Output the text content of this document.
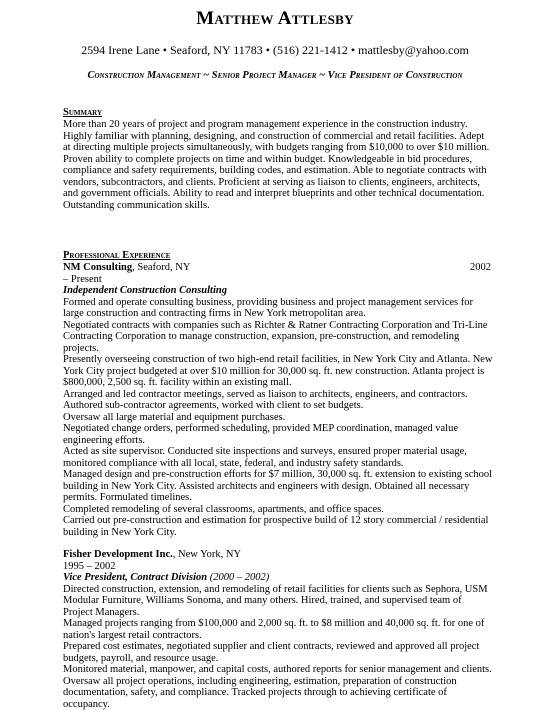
Matthew Attlesby
2594 Irene Lane • Seaford, NY 11783 • (516) 221-1412 • mattlesby@yahoo.com
Construction Management ~ Senior Project Manager ~ Vice President of Construction
Summary
More than 20 years of project and program management experience in the construction industry. Highly familiar with planning, designing, and construction of commercial and retail facilities. Adept at directing multiple projects simultaneously, with budgets ranging from $10,000 to over $10 million. Proven ability to complete projects on time and within budget. Knowledgeable in bid procedures, compliance and safety requirements, building codes, and estimation. Able to negotiate contracts with vendors, subcontractors, and clients. Proficient at serving as liaison to clients, engineers, architects, and government officials. Ability to read and interpret blueprints and other technical documentation. Outstanding communication skills.
Professional Experience
NM Consulting, Seaford, NY	2002
– Present
Independent Construction Consulting

Formed and operate consulting business, providing business and project management services for large construction and contracting firms in New York metropolitan area.

Negotiated contracts with companies such as Richter & Ratner Contracting Corporation and Tri-Line Contracting Corporation to manage construction, expansion, pre-construction, and remodeling projects.

Presently overseeing construction of two high-end retail facilities, in New York City and Atlanta. New York City project budgeted at over $10 million for 30,000 sq. ft. new construction. Atlanta project is $800,000, 2,500 sq. ft. facility within an existing mall.

Arranged and led contractor meetings, served as liaison to architects, engineers, and contractors.

Authored sub-contractor agreements, worked with client to set budgets.

Oversaw all large material and equipment purchases.

Negotiated change orders, performed scheduling, provided MEP coordination, managed value engineering efforts.

Acted as site supervisor. Conducted site inspections and surveys, ensured proper material usage, monitored compliance with all local, state, federal, and industry safety standards.

Managed design and pre-construction efforts for $7 million, 30,000 sq. ft. extension to existing school building in New York City. Assisted architects and engineers with design. Obtained all necessary permits. Formulated timelines.

Completed remodeling of several classrooms, apartments, and office spaces.

Carried out pre-construction and estimation for prospective build of 12 story commercial / residential building in New York City.

Fisher Development Inc., New York, NY
1995 – 2002
Vice President, Contract Division (2000 – 2002)

Directed construction, extension, and remodeling of retail facilities for clients such as Sephora, USM Modular Furniture, Williams Sonoma, and many others. Hired, trained, and supervised team of Project Managers.

Managed projects ranging from $100,000 and 2,000 sq. ft. to $8 million and 40,000 sq. ft. for one of nation's largest retail contractors.

Prepared cost estimates, negotiated supplier and client contracts, reviewed and approved all project budgets, payroll, and resource usage.

Monitored material, manpower, and capital costs, authored reports for senior management and clients.

Oversaw all project operations, including engineering, estimation, preparation of construction documentation, safety, and compliance. Tracked projects through to achieving certificate of occupancy.
